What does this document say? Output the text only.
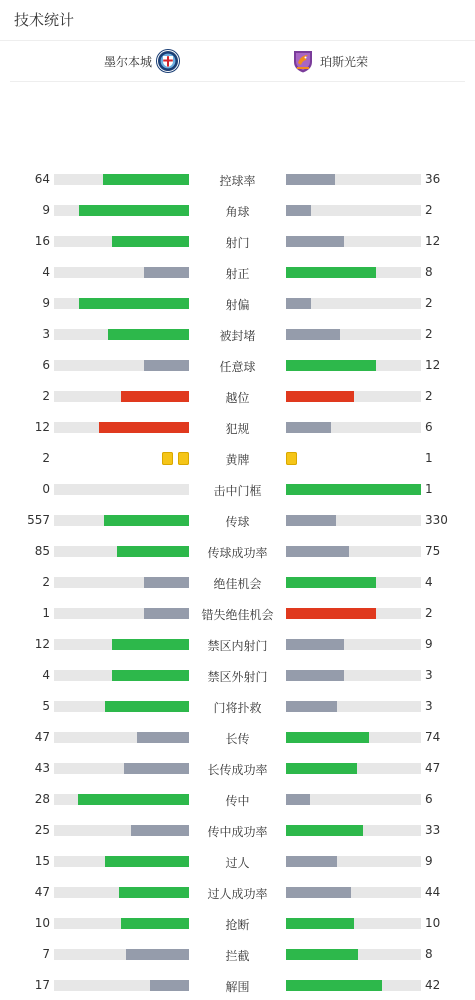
技术统计
墨尔本城	珀斯光荣
64	控球率	36
9	角球	2
16	射门	12
4	射正	8
9	射偏	2
3	被封堵	2
6	任意球	12
2	越位	2
12	犯规	6
2	黄牌	1
0	击中门框	1
557	传球	330
85	传球成功率	75
2	绝佳机会	4
1	错失绝佳机会	2
12	禁区内射门	9
4	禁区外射门	3
5	门将扑救	3
47	长传	74
43	长传成功率	47
28	传中	6
25	传中成功率	33
15	过人	9
47	过人成功率	44
10	抢断	10
7	拦截	8
17	解围	42
